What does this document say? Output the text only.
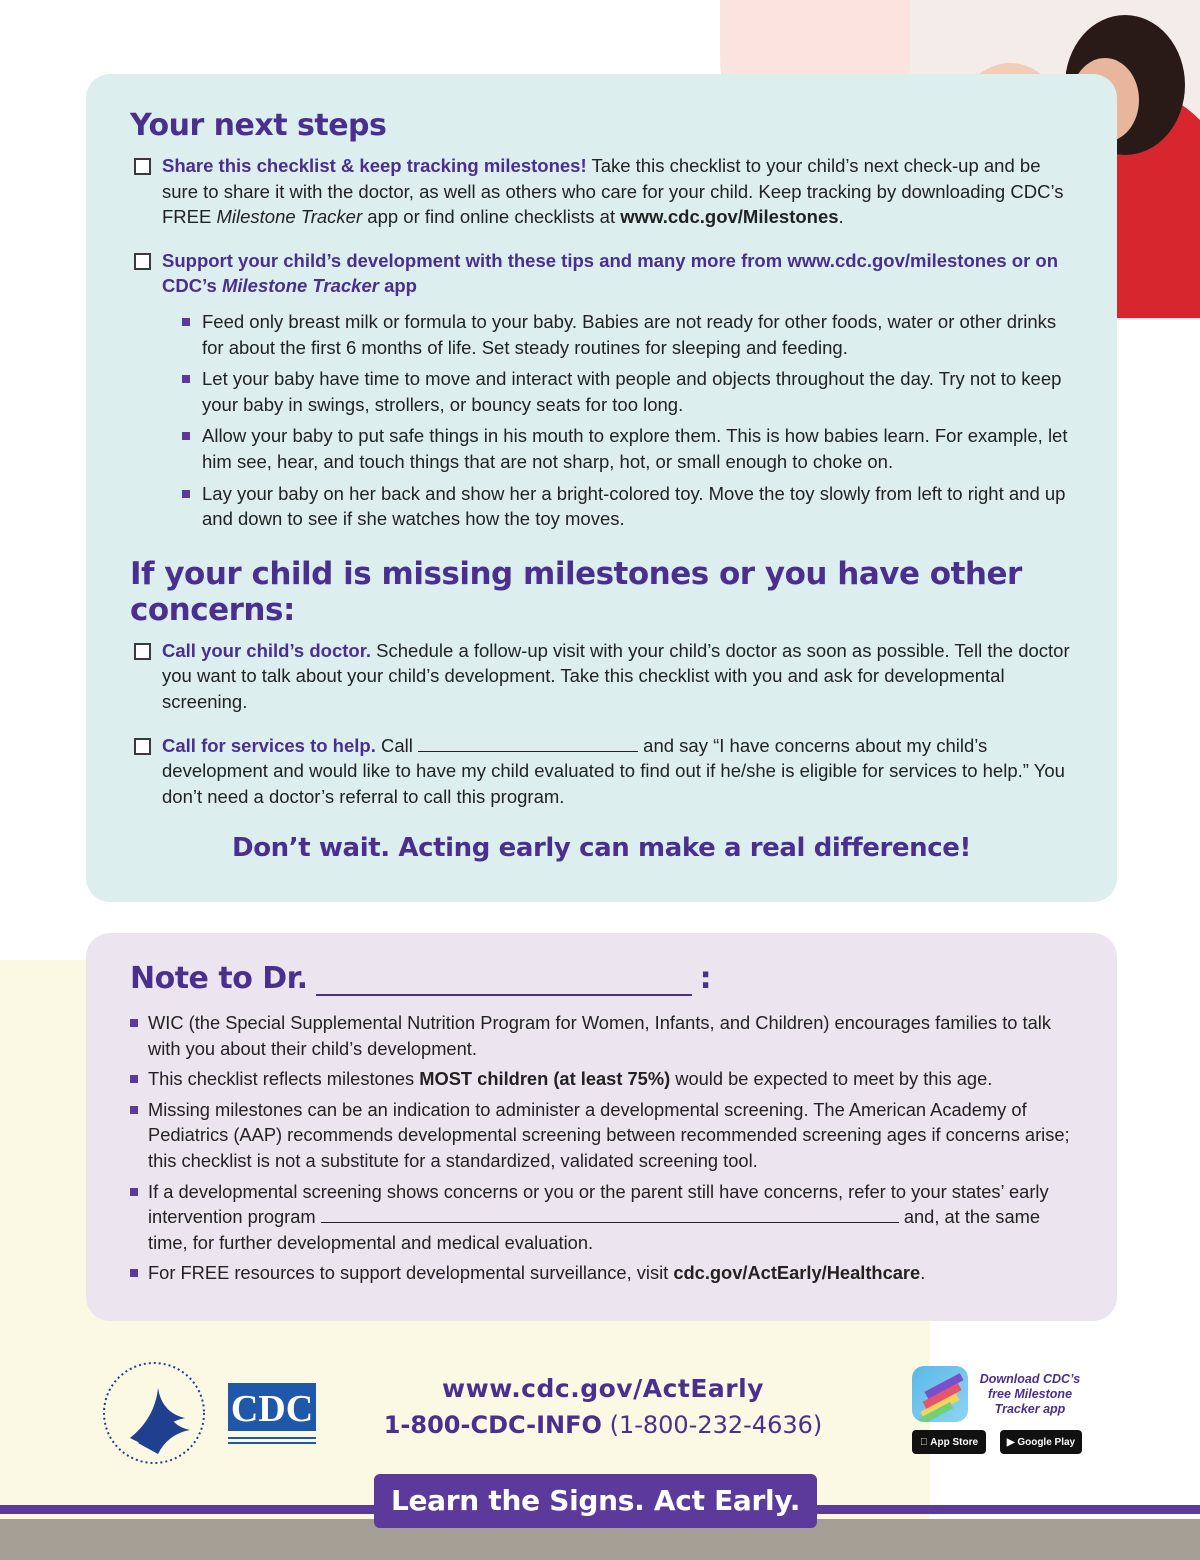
Your next steps
Share this checklist & keep tracking milestones! Take this checklist to your child’s next check-up and be sure to share it with the doctor, as well as others who care for your child. Keep tracking by downloading CDC’s FREE Milestone Tracker app or find online checklists at www.cdc.gov/Milestones.
Support your child’s development with these tips and many more from www.cdc.gov/milestones or on CDC’s Milestone Tracker app
Feed only breast milk or formula to your baby. Babies are not ready for other foods, water or other drinks for about the first 6 months of life. Set steady routines for sleeping and feeding.
Let your baby have time to move and interact with people and objects throughout the day. Try not to keep your baby in swings, strollers, or bouncy seats for too long.
Allow your baby to put safe things in his mouth to explore them. This is how babies learn. For example, let him see, hear, and touch things that are not sharp, hot, or small enough to choke on.
Lay your baby on her back and show her a bright-colored toy. Move the toy slowly from left to right and up and down to see if she watches how the toy moves.
If your child is missing milestones or you have other concerns:
Call your child’s doctor. Schedule a follow-up visit with your child’s doctor as soon as possible. Tell the doctor you want to talk about your child’s development. Take this checklist with you and ask for developmental screening.
Call for services to help. Call	and say “I have concerns about my child’s development and would like to have my child evaluated to find out if he/she is eligible for services to help.” You don’t need a doctor’s referral to call this program.
Don’t wait. Acting early can make a real difference!
Note to Dr.	:
WIC (the Special Supplemental Nutrition Program for Women, Infants, and Children) encourages families to talk with you about their child’s development.
This checklist reflects milestones MOST children (at least 75%) would be expected to meet by this age.
Missing milestones can be an indication to administer a developmental screening. The American Academy of Pediatrics (AAP) recommends developmental screening between recommended screening ages if concerns arise; this checklist is not a substitute for a standardized, validated screening tool.
If a developmental screening shows concerns or you or the parent still have concerns, refer to your states’ early intervention program	and, at the same time, for further developmental and medical evaluation.
For FREE resources to support developmental surveillance, visit cdc.gov/ActEarly/Healthcare.
CDC	www.cdc.gov/ActEarly
1-800-CDC-INFO (1-800-232-4636)
Download CDC’s free Milestone Tracker app
App Store	▶ Google Play
Learn the Signs. Act Early.
